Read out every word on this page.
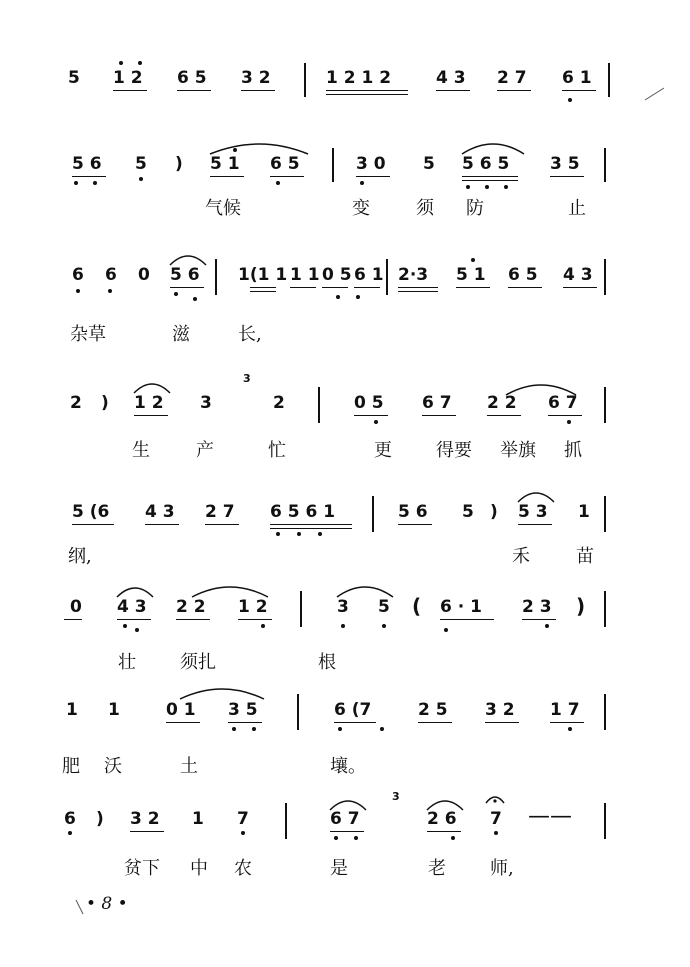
5 1 2 6 5 3 2	1 2 1 2	4 3 2 7 6 1
5 6 5 ) 5 1 6 5	3 0 5 5 6 5 3 5
气候	变	须 防	止
6 6 0 5 6 1(1 1 1 1 0 5 6 1 2·3 5 1 6 5 4 3
杂草	滋	长,
2 ) 1 2 3
3
2	0 5 6 7 2 2 6 7
生	产	忙	更 得要 举旗 抓
5 (6 4 3 2 7 6 5 6 1	5 6 5 ) 5 3 1
纲,	禾	苗
0 4 3 2 2 1 2	3 5 ( 6 · 1 2 3 )
壮 须扎	根
1 1	0 1 3 5	6 (7	2 5 3 2 1 7
肥 沃	土	壤。
6 ) 3 2 1 7	6 7
3
2 6 7 ——
贫下 中 农	是	老 师,
• 8 •
